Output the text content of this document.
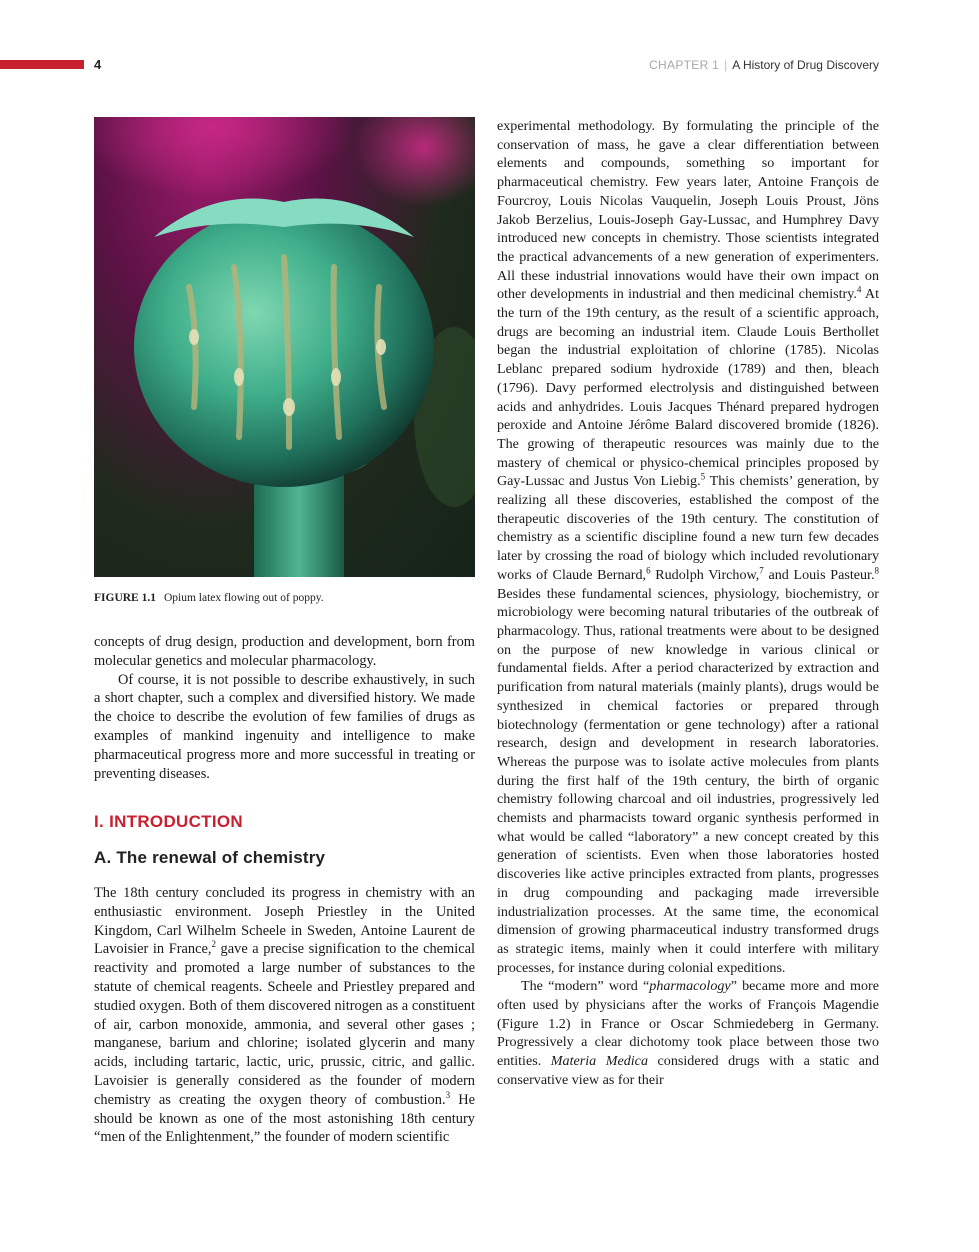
4	CHAPTER 1 | A History of Drug Discovery
FIGURE 1.1 Opium latex flowing out of poppy.

concepts of drug design, production and development, born from molecular genetics and molecular pharmacology.

Of course, it is not possible to describe exhaustively, in such a short chapter, such a complex and diversified history. We made the choice to describe the evolution of few families of drugs as examples of mankind ingenuity and intelligence to make pharmaceutical progress more and more successful in treating or preventing diseases.

I. INTRODUCTION
A. The renewal of chemistry

The 18th century concluded its progress in chemistry with an enthusiastic environment. Joseph Priestley in the United Kingdom, Carl Wilhelm Scheele in Sweden, Antoine Laurent de Lavoisier in France,$^2$ gave a precise signification to the chemical reactivity and promoted a large number of substances to the statute of chemical reagents. Scheele and Priestley prepared and studied oxygen. Both of them discovered nitrogen as a constituent of air, carbon monoxide, ammonia, and several other gases ; manganese, barium and chlorine; isolated glycerin and many acids, including tartaric, lactic, uric, prussic, citric, and gallic. Lavoisier is generally considered as the founder of modern chemistry as creating the oxygen theory of combustion.$^3$ He should be known as one of the most astonishing 18th century “men of the Enlightenment,” the founder of modern scientific

experimental methodology. By formulating the principle of the conservation of mass, he gave a clear differentiation between elements and compounds, something so important for pharmaceutical chemistry. Few years later, Antoine François de Fourcroy, Louis Nicolas Vauquelin, Joseph Louis Proust, Jöns Jakob Berzelius, Louis-Joseph Gay-Lussac, and Humphrey Davy introduced new concepts in chemistry. Those scientists integrated the practical advancements of a new generation of experimenters. All these industrial innovations would have their own impact on other developments in industrial and then medicinal chemistry.$^4$ At the turn of the 19th century, as the result of a scientific approach, drugs are becoming an industrial item. Claude Louis Berthollet began the industrial exploitation of chlorine (1785). Nicolas Leblanc prepared sodium hydroxide (1789) and then, bleach (1796). Davy performed electrolysis and distinguished between acids and anhydrides. Louis Jacques Thénard prepared hydrogen peroxide and Antoine Jérôme Balard discovered bromide (1826). The growing of therapeutic resources was mainly due to the mastery of chemical or physico-chemical principles proposed by Gay-Lussac and Justus Von Liebig.$^5$ This chemists’ generation, by realizing all these discoveries, established the compost of the therapeutic discoveries of the 19th century. The constitution of chemistry as a scientific discipline found a new turn few decades later by crossing the road of biology which included revolutionary works of Claude Bernard,$^6$ Rudolph Virchow,$^7$ and Louis Pasteur.$^8$ Besides these fundamental sciences, physiology, biochemistry, or microbiology were becoming natural tributaries of the outbreak of pharmacology. Thus, rational treatments were about to be designed on the purpose of new knowledge in various clinical or fundamental fields. After a period characterized by extraction and purification from natural materials (mainly plants), drugs would be synthesized in chemical factories or prepared through biotechnology (fermentation or gene technology) after a rational research, design and development in research laboratories. Whereas the purpose was to isolate active molecules from plants during the first half of the 19th century, the birth of organic chemistry following charcoal and oil industries, progressively led chemists and pharmacists toward organic synthesis performed in what would be called “laboratory” a new concept created by this generation of scientists. Even when those laboratories hosted discoveries like active principles extracted from plants, progresses in drug compounding and packaging made irreversible industrialization processes. At the same time, the economical dimension of growing pharmaceutical industry transformed drugs as strategic items, mainly when it could interfere with military processes, for instance during colonial expeditions.

The “modern” word “pharmacology” became more and more often used by physicians after the works of François Magendie (Figure 1.2) in France or Oscar Schmiedeberg in Germany. Progressively a clear dichotomy took place between those two entities. Materia Medica considered drugs with a static and conservative view as for their
